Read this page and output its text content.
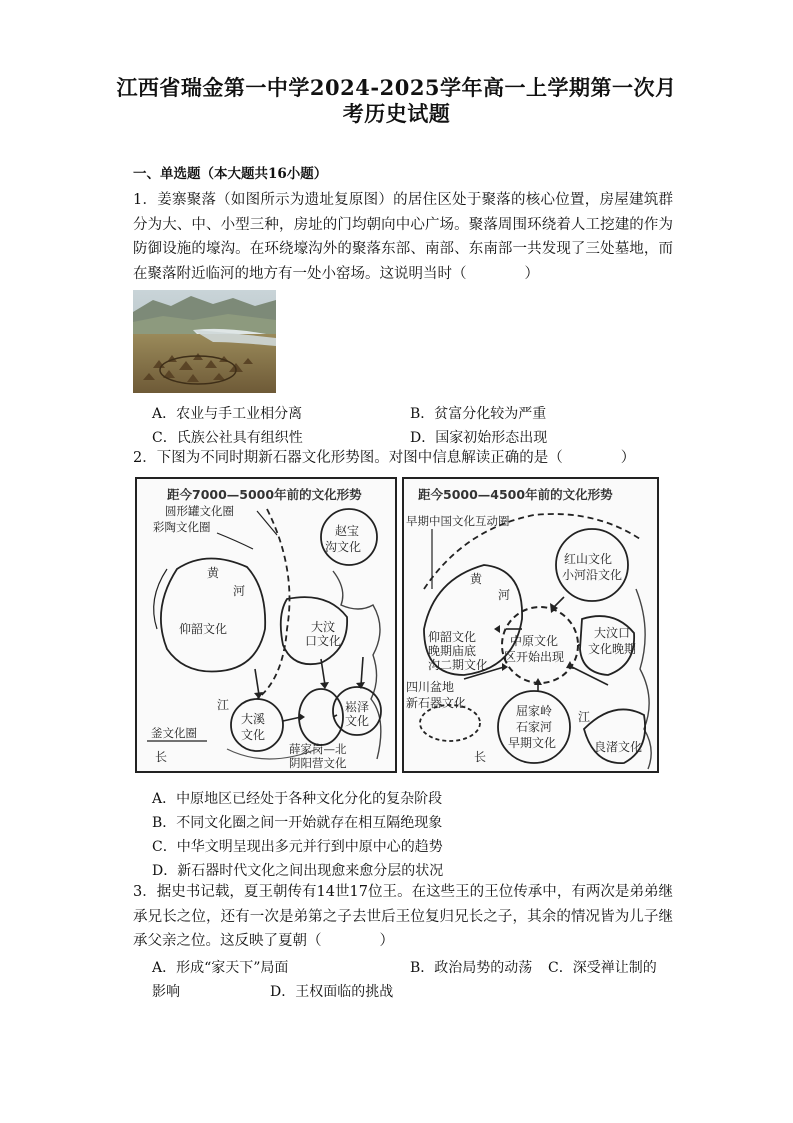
江西省瑞金第一中学2024-2025学年高一上学期第一次月
考历史试题
一、单选题（本大题共16小题）

1．姜寨聚落（如图所示为遗址复原图）的居住区处于聚落的核心位置，房屋建筑群分为大、中、小型三种，房址的门均朝向中心广场。聚落周围环绕着人工挖建的作为防御设施的壕沟。在环绕壕沟外的聚落东部、南部、东南部一共发现了三处墓地，而在聚落附近临河的地方有一处小窑场。这说明当时（　　　　）

A．农业与手工业相分离	B．贫富分化较为严重
C．氏族公社具有组织性	D．国家初始形态出现

2．下图为不同时期新石器文化形势图。对图中信息解读正确的是（　　　　）

距今7000—5000年前的文化形势
圆形罐文化圈
彩陶文化圈
黄
河
仰韶文化
赵宝
沟文化
大汶
口文化
大溪
文化
江	崧泽
文化
薛家岗—北
阴阳营文化
釜文化圈
长
距今5000—4500年前的文化形势
早期中国文化互动圈
红山文化
小河沿文化
黄
河
仰韶文化
晚期庙底
沟二期文化
中原文化
区开始出现
大汶口
文化晚期
四川盆地
新石器文化
长
屈家岭
石家河
早期文化
江
良渚文化
A．中原地区已经处于各种文化分化的复杂阶段
B．不同文化圈之间一开始就存在相互隔绝现象
C．中华文明呈现出多元并行到中原中心的趋势
D．新石器时代文化之间出现愈来愈分层的状况

3．据史书记载，夏王朝传有14世17位王。在这些王的王位传承中，有两次是弟弟继承兄长之位，还有一次是弟第之子去世后王位复归兄长之子，其余的情况皆为儿子继承父亲之位。这反映了夏朝（　　　　）

A．形成“家天下”局面	B．政治局势的动荡 C．深受禅让制的
影响	D．王权面临的挑战
